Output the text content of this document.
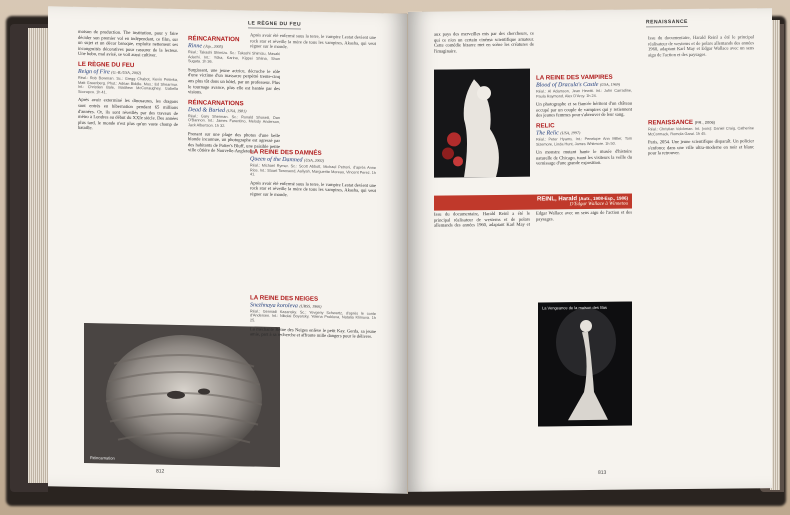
LE RÈGNE DU FEU

moison de production. The institution, pour y faire décider son premier vol en indépendant, ce film, sur un sujet et un décor baroque, exploite nettement ses incongruités décoratives pour rassurer de la lecteur. Une bobo, mal avisé, se voit aussi cultiver.

LE RÈGNE DU FEU
Reign of Fire (G.-B./USA, 2002)
Réal.: Rob Bowman. Sc.: Gregg Chabot, Kevin Peterka, Matt Greenberg. Phot.: Adrian Biddle. Mus.: Ed Shearmur. Int.: Christian Bale, Matthew McConaughey, Izabella Scorupco. 1h 41.

Après avoir exterminé les dinosaures, les dragons sont entrés en hibernation pendant 65 millions d'années. Or, ils sont réveillés par des travaux de métro à Londres au début du XXIe siècle. Des années plus tard, le monde n'est plus qu'un vaste champ de bataille.

RÉINCARNATION
Rinne (Jap., 2005)
Réal.: Takashi Shimizu. Sc.: Takashi Shimizu, Masaki Adachi. Int.: Yûka, Karina, Kippei Shiina, Shun Sugata. 1h 36.

Surgissant, une jeune actrice, décroche le rôle d'une victime d'un massacre perpétré trente-cinq ans plus tôt dans un hôtel, par un professeur. Plus le tournage avance, plus elle est hantée par des visions.

RÉINCARNATIONS
Dead & Buried (USA, 1981)
Réal.: Gary Sherman. Sc.: Ronald Shusett, Dan O'Bannon. Int.: James Farentino, Melody Anderson, Jack Albertson. 1h 32.

Prenant sur une plage des photos d'une belle blonde inconnue, un photographe est agressé par des habitants de Potter's Bluff, une paisible petite ville côtière de Nouvelle-Angleterre.

Réincarnation
812

Après avoir été enfermé sous la terre, le vampire Lestat devient une rock star et réveille la mère de tous les vampires, Akasha, qui veut régner sur le monde.

LA REINE DES DAMNÉS
Queen of the Damned (USA, 2002)
Réal.: Michael Rymer. Sc.: Scott Abbott, Michael Petroni, d'après Anne Rice. Int.: Stuart Townsend, Aaliyah, Marguerite Moreau, Vincent Perez. 1h 41.

Après avoir été enfermé sous la terre, le vampire Lestat devient une rock star et réveille la mère de tous les vampires, Akasha, qui veut régner sur le monde.

LA REINE DES NEIGES
Snezhnaya koroleva (URSS, 1966)
Réal.: Gennadi Kazansky. Sc.: Yevgeny Schwartz, d'après le conte d'Andersen. Int.: Nikolai Boyarsky, Yelena Proklova, Natalia Klimova. 1h 25.

La méchante Reine des Neiges enlève le petit Kay. Gerda, sa jeune amie, part à sa recherche et affronte mille dangers pour le délivrer.

RENAISSANCE

aux pays des merveilles mis par des chercheurs, ce qui ce n'en un certain cinéma scientifique amateur. Cette comédie bizarre met en scène les créatures de l'imaginaire.

LA REINE DES VAMPIRES
Blood of Dracula's Castle (USA, 1969)
Réal.: Al Adamson, Jean Hewitt. Int.: John Carradine, Paula Raymond, Alex D'Arcy. 1h 24.

Un photographe et sa fiancée héritent d'un château occupé par un couple de vampires qui y retiennent des jeunes femmes pour s'abreuver de leur sang.

RELIC
The Relic (USA, 1997)
Réal.: Peter Hyams. Int.: Penelope Ann Miller, Tom Sizemore, Linda Hunt, James Whitmore. 1h 50.

Un monstre mutant hante le musée d'histoire naturelle de Chicago, tuant les visiteurs la veille du vernissage d'une grande exposition.

Issu du documentaire, Harald Reinl a été le principal réalisateur de westerns et de polars allemands des années 1960, adaptant Karl May et Edgar Wallace avec un sens aigu de l'action et des paysages.

RENAISSANCE (FR., 2006)
Réal.: Christian Volckman. Int. (voix): Daniel Craig, Catherine McCormack, Romola Garai. 1h 45.

Paris, 2054. Une jeune scientifique disparaît. Un policier s'enfonce dans une ville ultra-moderne en noir et blanc pour la retrouver.

REINL, Harald (Autr., 1908-Esp., 1986)
D'Edgar Wallace à Winnetou

Issu du documentaire, Harald Reinl a été le principal réalisateur de westerns et de polars allemands des années 1960, adaptant Karl May et Edgar Wallace avec un sens aigu de l'action et des paysages.

La Vengeance de la maison des lilas
813
